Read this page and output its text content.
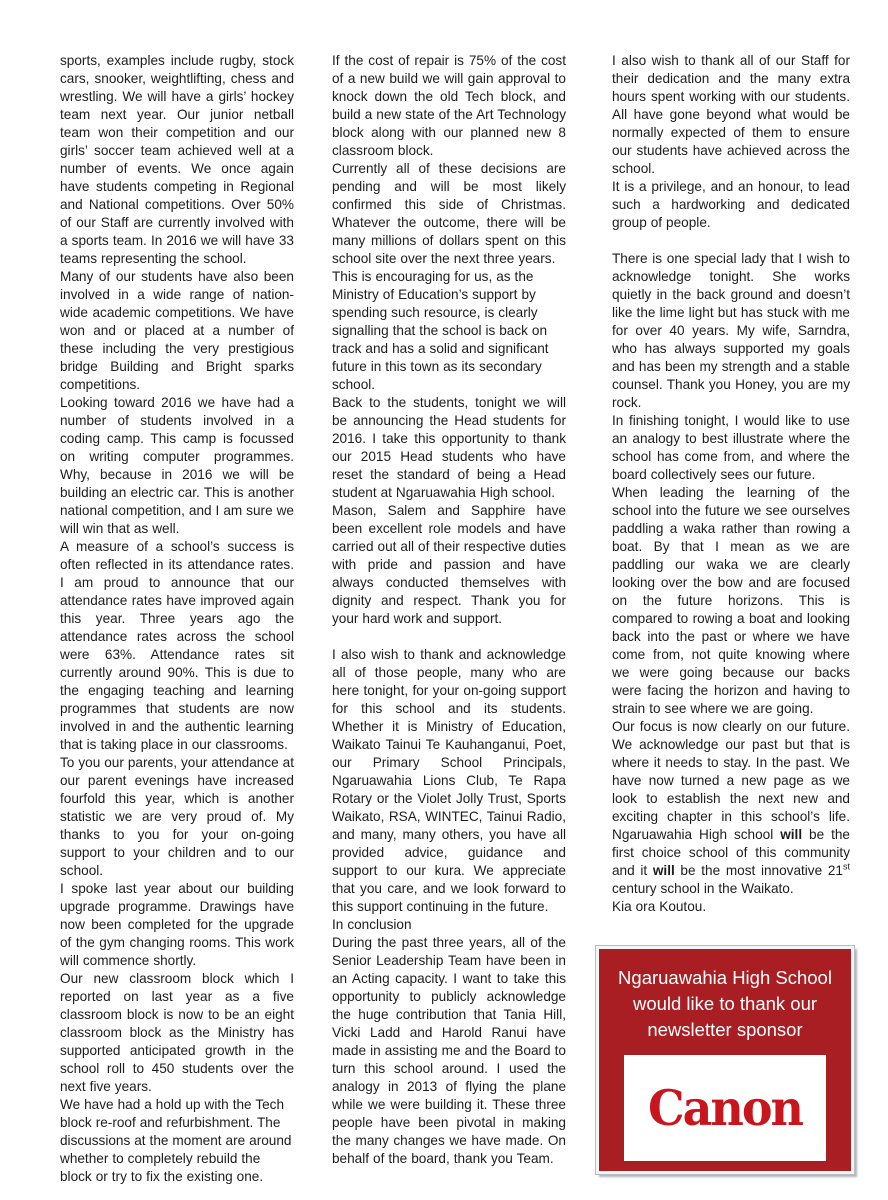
sports, examples include rugby, stock cars, snooker, weightlifting, chess and wrestling. We will have a girls’ hockey team next year. Our junior netball team won their competition and our girls’ soccer team achieved well at a number of events. We once again have students competing in Regional and National competitions. Over 50% of our Staff are currently involved with a sports team. In 2016 we will have 33 teams representing the school.

Many of our students have also been involved in a wide range of nation-wide academic competitions. We have won and or placed at a number of these including the very prestigious bridge Building and Bright sparks competitions.

Looking toward 2016 we have had a number of students involved in a coding camp. This camp is focussed on writing computer programmes. Why, because in 2016 we will be building an electric car. This is another national competition, and I am sure we will win that as well.

A measure of a school’s success is often reflected in its attendance rates. I am proud to announce that our attendance rates have improved again this year. Three years ago the attendance rates across the school were 63%. Attendance rates sit currently around 90%. This is due to the engaging teaching and learning programmes that students are now involved in and the authentic learning that is taking place in our classrooms.

To you our parents, your attendance at our parent evenings have increased fourfold this year, which is another statistic we are very proud of. My thanks to you for your on-going support to your children and to our school.

I spoke last year about our building upgrade programme. Drawings have now been completed for the upgrade of the gym changing rooms. This work will commence shortly.

Our new classroom block which I reported on last year as a five classroom block is now to be an eight classroom block as the Ministry has supported anticipated growth in the school roll to 450 students over the next five years.

We have had a hold up with the Tech block re-roof and refurbishment. The discussions at the moment are around whether to completely rebuild the block or try to fix the existing one.

If the cost of repair is 75% of the cost of a new build we will gain approval to knock down the old Tech block, and build a new state of the Art Technology block along with our planned new 8 classroom block.

Currently all of these decisions are pending and will be most likely confirmed this side of Christmas. Whatever the outcome, there will be many millions of dollars spent on this school site over the next three years.

This is encouraging for us, as the Ministry of Education’s support by spending such resource, is clearly signalling that the school is back on track and has a solid and significant future in this town as its secondary school.

Back to the students, tonight we will be announcing the Head students for 2016. I take this opportunity to thank our 2015 Head students who have reset the standard of being a Head student at Ngaruawahia High school.

Mason, Salem and Sapphire have been excellent role models and have carried out all of their respective duties with pride and passion and have always conducted themselves with dignity and respect. Thank you for your hard work and support.

I also wish to thank and acknowledge all of those people, many who are here tonight, for your on-going support for this school and its students. Whether it is Ministry of Education, Waikato Tainui Te Kauhanganui, Poet, our Primary School Principals, Ngaruawahia Lions Club, Te Rapa Rotary or the Violet Jolly Trust, Sports Waikato, RSA, WINTEC, Tainui Radio, and many, many others, you have all provided advice, guidance and support to our kura. We appreciate that you care, and we look forward to this support continuing in the future.

In conclusion

During the past three years, all of the Senior Leadership Team have been in an Acting capacity. I want to take this opportunity to publicly acknowledge the huge contribution that Tania Hill, Vicki Ladd and Harold Ranui have made in assisting me and the Board to turn this school around. I used the analogy in 2013 of flying the plane while we were building it. These three people have been pivotal in making the many changes we have made. On behalf of the board, thank you Team.

I also wish to thank all of our Staff for their dedication and the many extra hours spent working with our students. All have gone beyond what would be normally expected of them to ensure our students have achieved across the school.

It is a privilege, and an honour, to lead such a hardworking and dedicated group of people.

There is one special lady that I wish to acknowledge tonight. She works quietly in the back ground and doesn’t like the lime light but has stuck with me for over 40 years. My wife, Sarndra, who has always supported my goals and has been my strength and a stable counsel. Thank you Honey, you are my rock.

In finishing tonight, I would like to use an analogy to best illustrate where the school has come from, and where the board collectively sees our future.

When leading the learning of the school into the future we see ourselves paddling a waka rather than rowing a boat. By that I mean as we are paddling our waka we are clearly looking over the bow and are focused on the future horizons. This is compared to rowing a boat and looking back into the past or where we have come from, not quite knowing where we were going because our backs were facing the horizon and having to strain to see where we are going.

Our focus is now clearly on our future. We acknowledge our past but that is where it needs to stay. In the past. We have now turned a new page as we look to establish the next new and exciting chapter in this school’s life. Ngaruawahia High school will be the first choice school of this community and it will be the most innovative 21st century school in the Waikato.

Kia ora Koutou.

Ngaruawahia High School would like to thank our newsletter sponsor
Canon
